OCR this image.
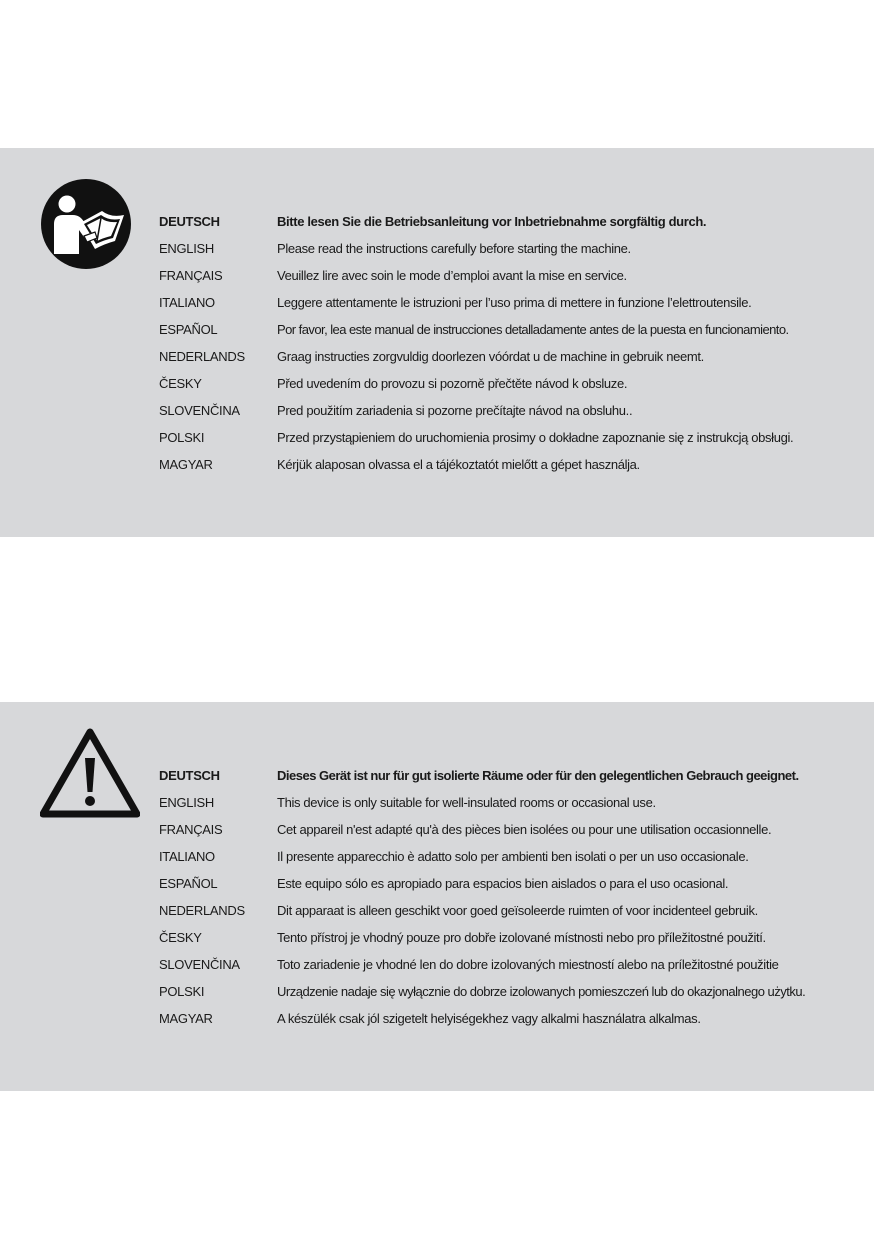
DEUTSCH	Bitte lesen Sie die Betriebsanleitung vor Inbetriebnahme sorgfältig durch.
ENGLISH	Please read the instructions carefully before starting the machine.
FRANÇAIS	Veuillez lire avec soin le mode d’emploi avant la mise en service.
ITALIANO	Leggere attentamente le istruzioni per l’uso prima di mettere in funzione l’elettroutensile.
ESPAÑOL	Por favor, lea este manual de instrucciones detalladamente antes de la puesta en funcionamiento.
NEDERLANDS Graag instructies zorgvuldig doorlezen vóórdat u de machine in gebruik neemt.
ČESKY	Před uvedením do provozu si pozorně přečtěte návod k obsluze.
SLOVENČINA	Pred použitím zariadenia si pozorne prečítajte návod na obsluhu..
POLSKI	Przed przystąpieniem do uruchomienia prosimy o dokładne zapoznanie się z instrukcją obsługi.
MAGYAR	Kérjük alaposan olvassa el a tájékoztatót mielőtt a gépet használja.
DEUTSCH	Dieses Gerät ist nur für gut isolierte Räume oder für den gelegentlichen Gebrauch geeignet.
ENGLISH	This device is only suitable for well-insulated rooms or occasional use.
FRANÇAIS	Cet appareil n'est adapté qu'à des pièces bien isolées ou pour une utilisation occasionnelle.
ITALIANO	Il presente apparecchio è adatto solo per ambienti ben isolati o per un uso occasionale.
ESPAÑOL	Este equipo sólo es apropiado para espacios bien aislados o para el uso ocasional.
NEDERLANDS Dit apparaat is alleen geschikt voor goed geïsoleerde ruimten of voor incidenteel gebruik.
ČESKY	Tento přístroj je vhodný pouze pro dobře izolované místnosti nebo pro příležitostné použití.
SLOVENČINA	Toto zariadenie je vhodné len do dobre izolovaných miestností alebo na príležitostné použitie
POLSKI	Urządzenie nadaje się wyłącznie do dobrze izolowanych pomieszczeń lub do okazjonalnego użytku.
MAGYAR	A készülék csak jól szigetelt helyiségekhez vagy alkalmi használatra alkalmas.
